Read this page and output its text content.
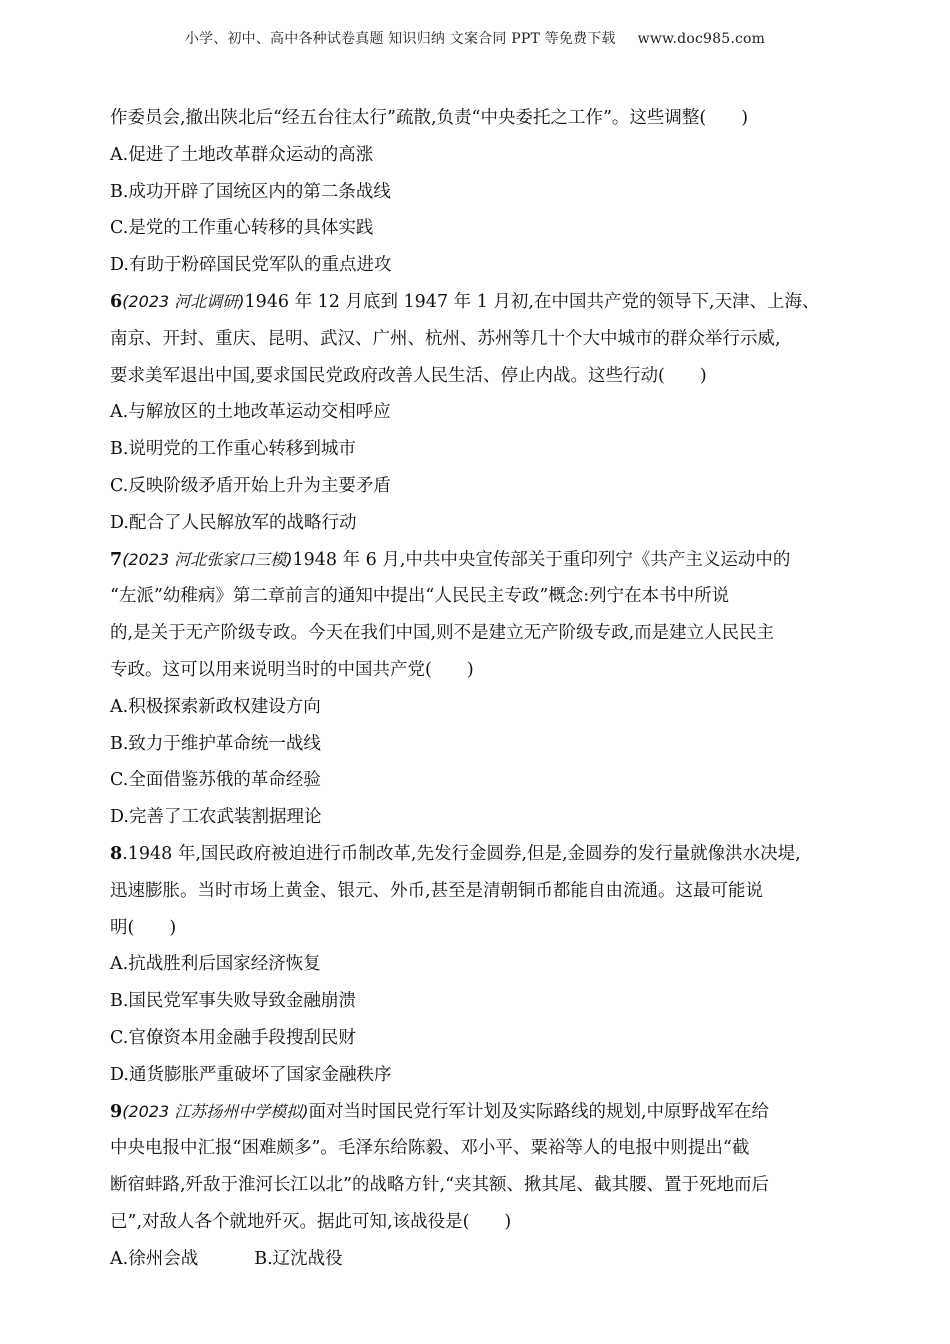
小学、初中、高中各种试卷真题 知识归纳 文案合同 PPT 等免费下载 www.doc985.com
作委员会,撤出陕北后“经五台往太行”疏散,负责“中央委托之工作”。这些调整(　　)
A.促进了土地改革群众运动的高涨
B.成功开辟了国统区内的第二条战线
C.是党的工作重心转移的具体实践
D.有助于粉碎国民党军队的重点进攻
6(2023 河北调研)1946 年 12 月底到 1947 年 1 月初,在中国共产党的领导下,天津、上海、
南京、开封、重庆、昆明、武汉、广州、杭州、苏州等几十个大中城市的群众举行示威,
要求美军退出中国,要求国民党政府改善人民生活、停止内战。这些行动(　　)
A.与解放区的土地改革运动交相呼应
B.说明党的工作重心转移到城市
C.反映阶级矛盾开始上升为主要矛盾
D.配合了人民解放军的战略行动
7(2023 河北张家口三模)1948 年 6 月,中共中央宣传部关于重印列宁《共产主义运动中的
“左派”幼稚病》第二章前言的通知中提出“人民民主专政”概念:列宁在本书中所说
的,是关于无产阶级专政。今天在我们中国,则不是建立无产阶级专政,而是建立人民民主
专政。这可以用来说明当时的中国共产党(　　)
A.积极探索新政权建设方向
B.致力于维护革命统一战线
C.全面借鉴苏俄的革命经验
D.完善了工农武装割据理论
8.1948 年,国民政府被迫进行币制改革,先发行金圆券,但是,金圆券的发行量就像洪水决堤,
迅速膨胀。当时市场上黄金、银元、外币,甚至是清朝铜币都能自由流通。这最可能说
明(　　)
A.抗战胜利后国家经济恢复
B.国民党军事失败导致金融崩溃
C.官僚资本用金融手段搜刮民财
D.通货膨胀严重破坏了国家金融秩序
9(2023 江苏扬州中学模拟)面对当时国民党行军计划及实际路线的规划,中原野战军在给
中央电报中汇报“困难颇多”。毛泽东给陈毅、邓小平、粟裕等人的电报中则提出“截
断宿蚌路,歼敌于淮河长江以北”的战略方针,“夹其额、揪其尾、截其腰、置于死地而后
已”,对敌人各个就地歼灭。据此可知,该战役是(　　)
A.徐州会战	B.辽沈战役
